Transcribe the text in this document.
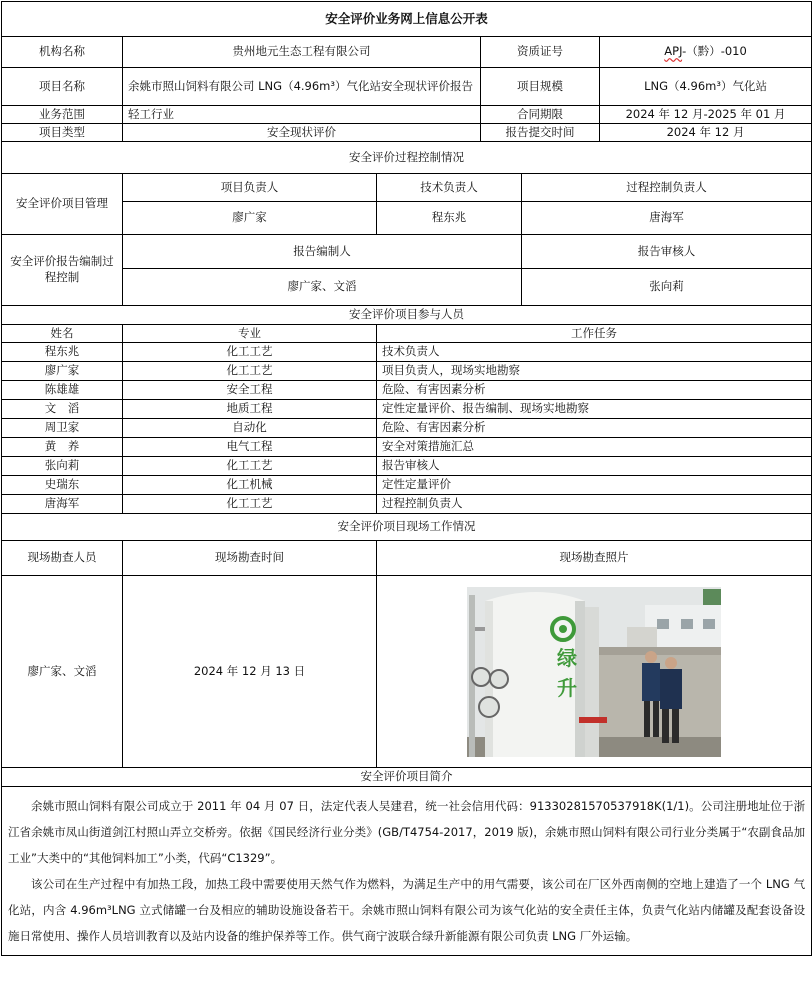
安全评价业务网上信息公开表					
机构名称	贵州地元生态工程有限公司		资质证号		APJ-（黔）-010
项目名称	余姚市照山饲料有限公司 LNG（4.96m³）气化站安全现状评价报告		项目规模		LNG（4.96m³）气化站
业务范围	轻工行业		合同期限		2024 年 12 月-2025 年 01 月
项目类型	安全现状评价		报告提交时间		2024 年 12 月
安全评价过程控制情况					
安全评价项目管理	项目负责人	技术负责人		过程控制负责人	
	廖广家	程东兆		唐海军	
安全评价报告编制过程控制	报告编制人			报告审核人	
	廖广家、文滔			张向莉	
安全评价项目参与人员					
姓名	专业	工作任务			
程东兆	化工工艺	技术负责人			
廖广家	化工工艺	项目负责人，现场实地勘察			
陈雄雄	安全工程	危险、有害因素分析			
文　滔	地质工程	定性定量评价、报告编制、现场实地勘察			
周卫家	自动化	危险、有害因素分析			
黄　养	电气工程	安全对策措施汇总			
张向莉	化工工艺	报告审核人			
史瑞东	化工机械	定性定量评价			
唐海军	化工工艺	过程控制负责人			
安全评价项目现场工作情况					
现场勘查人员	现场勘查时间	现场勘查照片			
廖广家、文滔	2024 年 12 月 13 日	绿
升			

安全评价项目简介					

余姚市照山饲料有限公司成立于 2011 年 04 月 07 日，法定代表人吴建君，统一社会信用代码：91330281570537918K(1/1)。公司注册地址位于浙江省余姚市凤山街道剑江村照山弄立交桥旁。依据《国民经济行业分类》(GB/T4754-2017，2019 版)，余姚市照山饲料有限公司行业分类属于“农副食品加工业”大类中的“其他饲料加工”小类，代码“C1329”。

该公司在生产过程中有加热工段，加热工段中需要使用天然气作为燃料，为满足生产中的用气需要，该公司在厂区外西南侧的空地上建造了一个 LNG 气化站，内含 4.96m³LNG 立式储罐一台及相应的辅助设施设备若干。余姚市照山饲料有限公司为该气化站的安全责任主体，负责气化站内储罐及配套设备设施日常使用、操作人员培训教育以及站内设备的维护保养等工作。供气商宁波联合绿升新能源有限公司负责 LNG 厂外运输。					
